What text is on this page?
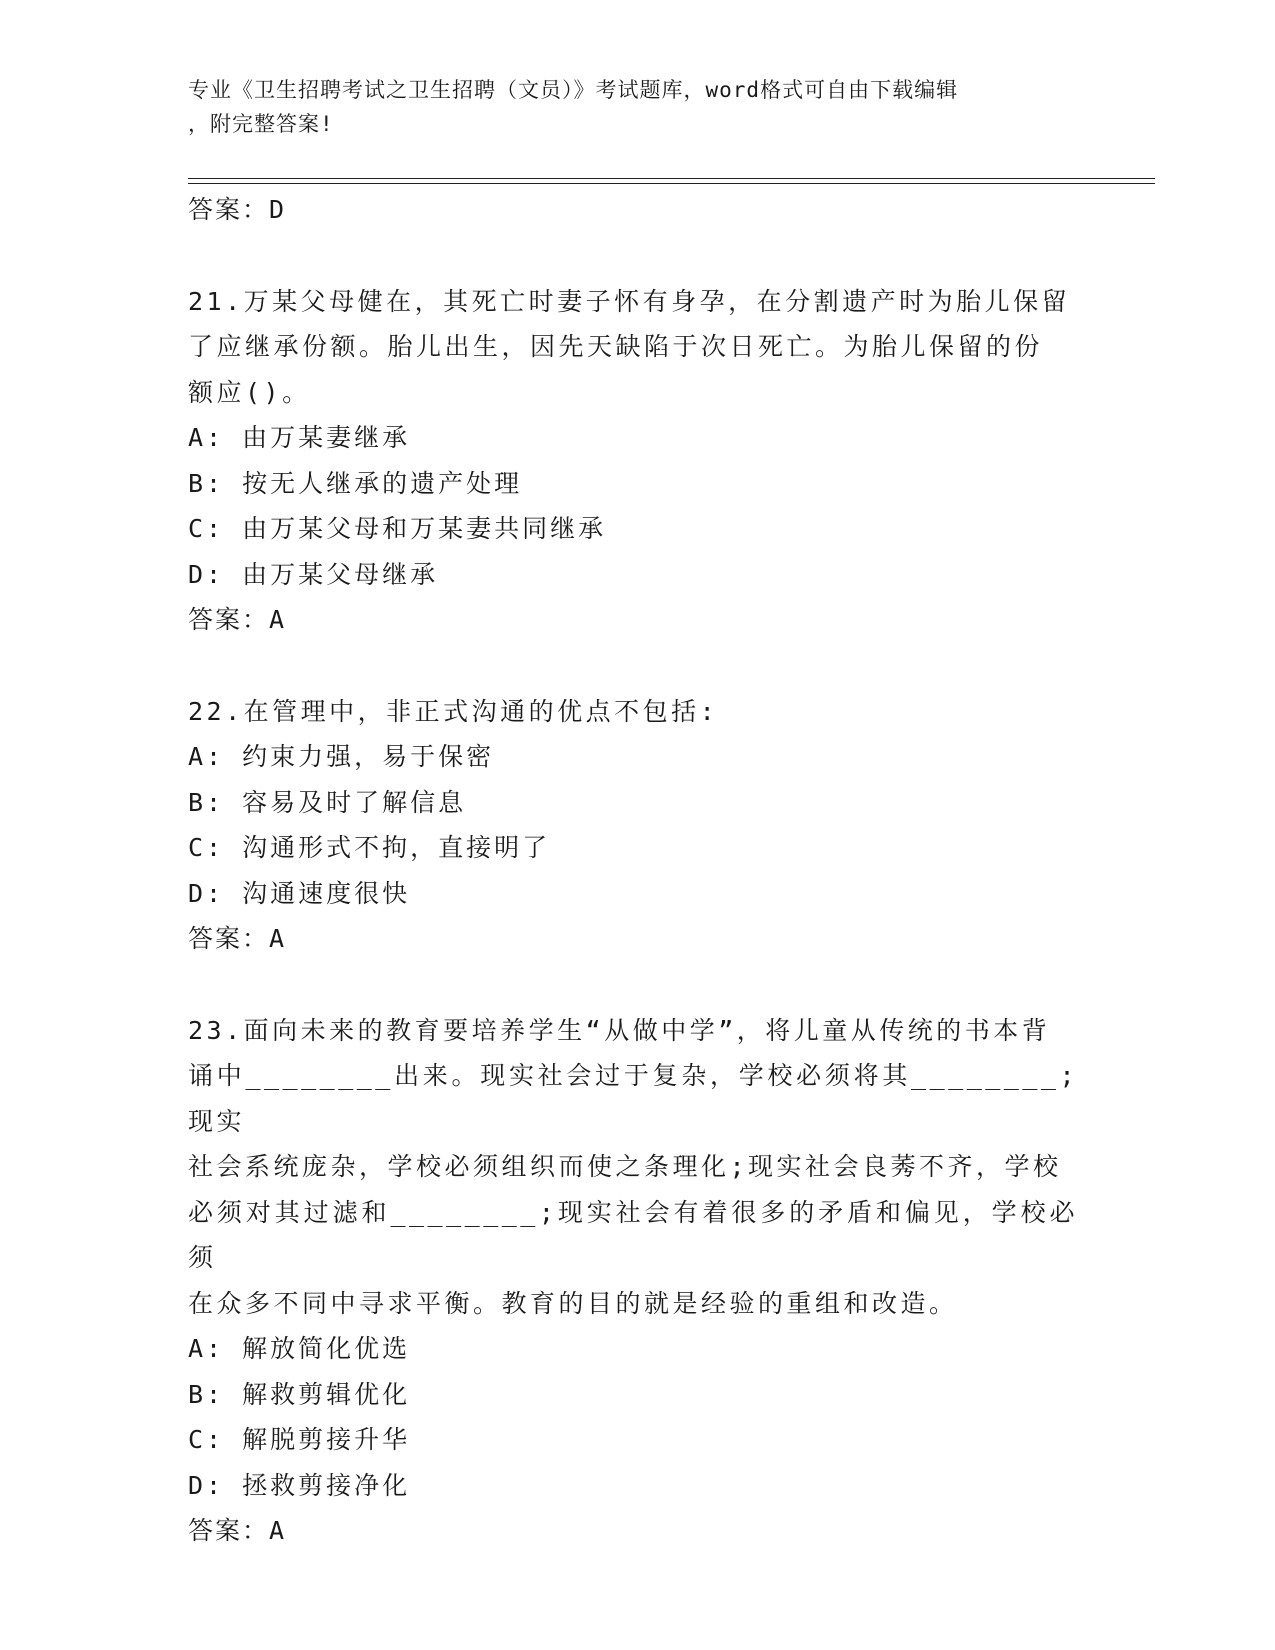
专业《卫生招聘考试之卫生招聘（文员）》考试题库，word格式可自由下载编辑
，附完整答案!
答案：D
21.万某父母健在，其死亡时妻子怀有身孕，在分割遗产时为胎儿保留
了应继承份额。胎儿出生，因先天缺陷于次日死亡。为胎儿保留的份
额应()。
A: 由万某妻继承
B: 按无人继承的遗产处理
C: 由万某父母和万某妻共同继承
D: 由万某父母继承
答案：A
22.在管理中，非正式沟通的优点不包括:
A: 约束力强，易于保密
B: 容易及时了解信息
C: 沟通形式不拘，直接明了
D: 沟通速度很快
答案：A
23.面向未来的教育要培养学生“从做中学”，将儿童从传统的书本背
诵中________出来。现实社会过于复杂，学校必须将其________;现实
社会系统庞杂，学校必须组织而使之条理化;现实社会良莠不齐，学校
必须对其过滤和________;现实社会有着很多的矛盾和偏见，学校必须
在众多不同中寻求平衡。教育的目的就是经验的重组和改造。
A: 解放简化优选
B: 解救剪辑优化
C: 解脱剪接升华
D: 拯救剪接净化
答案：A
